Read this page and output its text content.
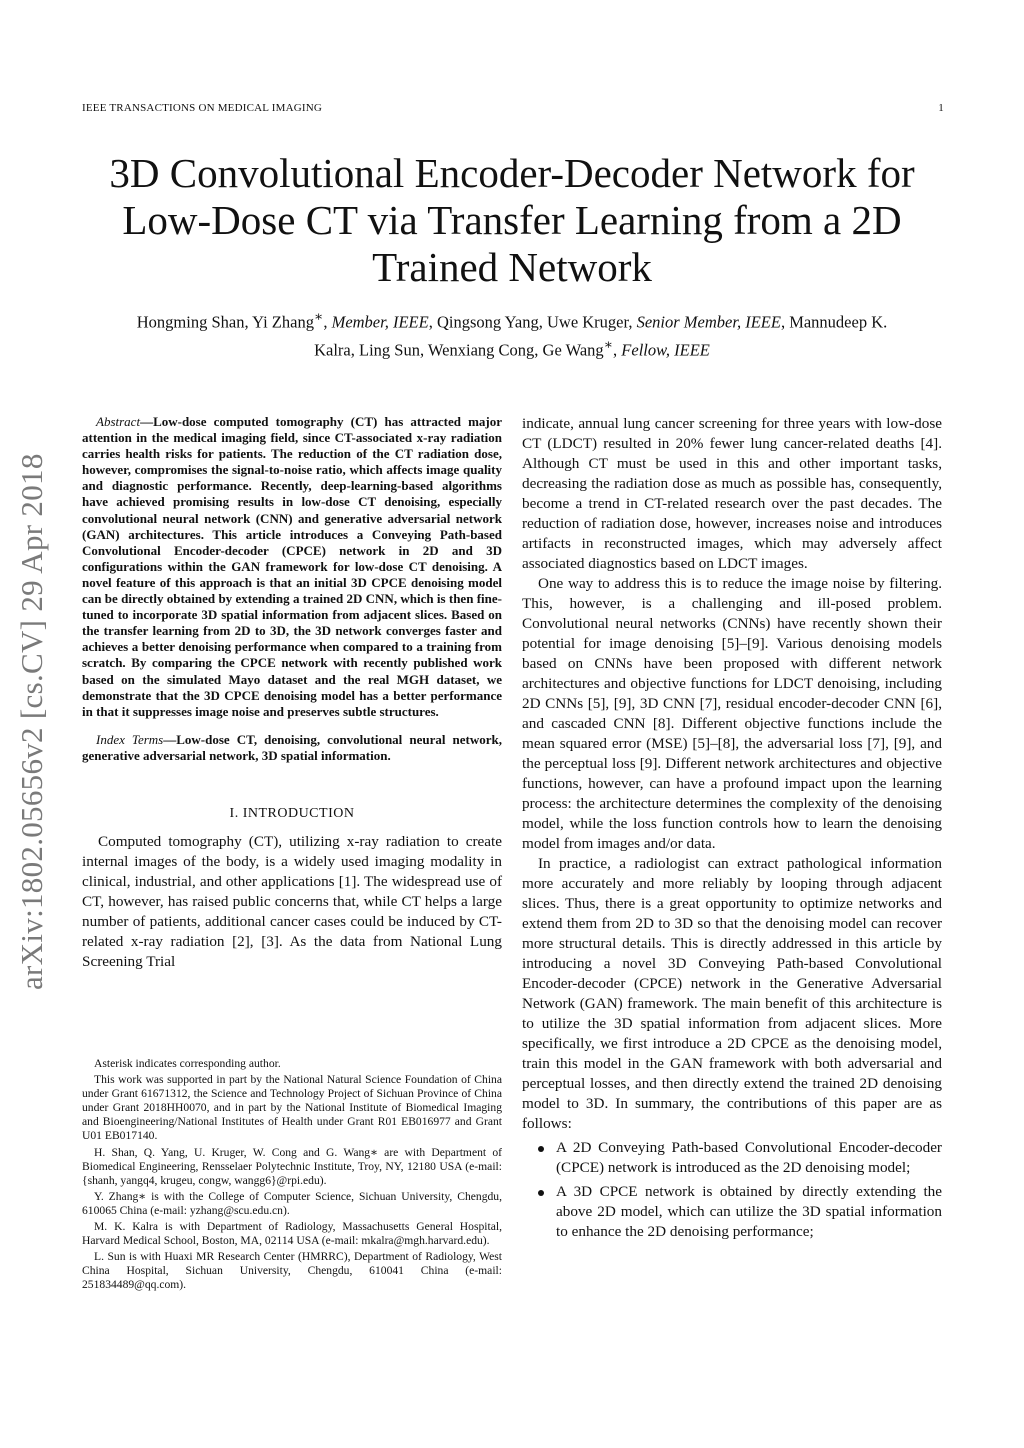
IEEE TRANSACTIONS ON MEDICAL IMAGING	1
3D Convolutional Encoder-Decoder Network for
Low-Dose CT via Transfer Learning from a 2D
Trained Network
Hongming Shan, Yi Zhang∗, Member, IEEE, Qingsong Yang, Uwe Kruger, Senior Member, IEEE, Mannudeep K.
Kalra, Ling Sun, Wenxiang Cong, Ge Wang∗, Fellow, IEEE
arXiv:1802.05656v2 [cs.CV] 29 Apr 2018

Abstract—Low-dose computed tomography (CT) has attracted major attention in the medical imaging field, since CT-associated x-ray radiation carries health risks for patients. The reduction of the CT radiation dose, however, compromises the signal-to-noise ratio, which affects image quality and diagnostic performance. Recently, deep-learning-based algorithms have achieved promising results in low-dose CT denoising, especially convolutional neural network (CNN) and generative adversarial network (GAN) architectures. This article introduces a Conveying Path-based Convolutional Encoder-decoder (CPCE) network in 2D and 3D configurations within the GAN framework for low-dose CT denoising. A novel feature of this approach is that an initial 3D CPCE denoising model can be directly obtained by extending a trained 2D CNN, which is then fine-tuned to incorporate 3D spatial information from adjacent slices. Based on the transfer learning from 2D to 3D, the 3D network converges faster and achieves a better denoising performance when compared to a training from scratch. By comparing the CPCE network with recently published work based on the simulated Mayo dataset and the real MGH dataset, we demonstrate that the 3D CPCE denoising model has a better performance in that it suppresses image noise and preserves subtle structures.

Index Terms—Low-dose CT, denoising, convolutional neural network, generative adversarial network, 3D spatial information.

I. INTRODUCTION

Computed tomography (CT), utilizing x-ray radiation to create internal images of the body, is a widely used imaging modality in clinical, industrial, and other applications [1]. The widespread use of CT, however, has raised public concerns that, while CT helps a large number of patients, additional cancer cases could be induced by CT-related x-ray radiation [2], [3]. As the data from National Lung Screening Trial

Asterisk indicates corresponding author.

This work was supported in part by the National Natural Science Foundation of China under Grant 61671312, the Science and Technology Project of Sichuan Province of China under Grant 2018HH0070, and in part by the National Institute of Biomedical Imaging and Bioengineering/National Institutes of Health under Grant R01 EB016977 and Grant U01 EB017140.

H. Shan, Q. Yang, U. Kruger, W. Cong and G. Wang∗ are with Department of Biomedical Engineering, Rensselaer Polytechnic Institute, Troy, NY, 12180 USA (e-mail:{shanh, yangq4, krugeu, congw, wangg6}@rpi.edu).

Y. Zhang∗ is with the College of Computer Science, Sichuan University, Chengdu, 610065 China (e-mail: yzhang@scu.edu.cn).

M. K. Kalra is with Department of Radiology, Massachusetts General Hospital, Harvard Medical School, Boston, MA, 02114 USA (e-mail: mkalra@mgh.harvard.edu).

L. Sun is with Huaxi MR Research Center (HMRRC), Department of Radiology, West China Hospital, Sichuan University, Chengdu, 610041 China (e-mail: 251834489@qq.com).

indicate, annual lung cancer screening for three years with low-dose CT (LDCT) resulted in 20% fewer lung cancer-related deaths [4]. Although CT must be used in this and other important tasks, decreasing the radiation dose as much as possible has, consequently, become a trend in CT-related research over the past decades. The reduction of radiation dose, however, increases noise and introduces artifacts in reconstructed images, which may adversely affect associated diagnostics based on LDCT images.

One way to address this is to reduce the image noise by filtering. This, however, is a challenging and ill-posed problem. Convolutional neural networks (CNNs) have recently shown their potential for image denoising [5]–[9]. Various denoising models based on CNNs have been proposed with different network architectures and objective functions for LDCT denoising, including 2D CNNs [5], [9], 3D CNN [7], residual encoder-decoder CNN [6], and cascaded CNN [8]. Different objective functions include the mean squared error (MSE) [5]–[8], the adversarial loss [7], [9], and the perceptual loss [9]. Different network architectures and objective functions, however, can have a profound impact upon the learning process: the architecture determines the complexity of the denoising model, while the loss function controls how to learn the denoising model from images and/or data.

In practice, a radiologist can extract pathological information more accurately and more reliably by looping through adjacent slices. Thus, there is a great opportunity to optimize networks and extend them from 2D to 3D so that the denoising model can recover more structural details. This is directly addressed in this article by introducing a novel 3D Conveying Path-based Convolutional Encoder-decoder (CPCE) network in the Generative Adversarial Network (GAN) framework. The main benefit of this architecture is to utilize the 3D spatial information from adjacent slices. More specifically, we first introduce a 2D CPCE as the denoising model, train this model in the GAN framework with both adversarial and perceptual losses, and then directly extend the trained 2D denoising model to 3D. In summary, the contributions of this paper are as follows:

A 2D Conveying Path-based Convolutional Encoder-decoder (CPCE) network is introduced as the 2D denoising model;
A 3D CPCE network is obtained by directly extending the above 2D model, which can utilize the 3D spatial information to enhance the 2D denoising performance;
